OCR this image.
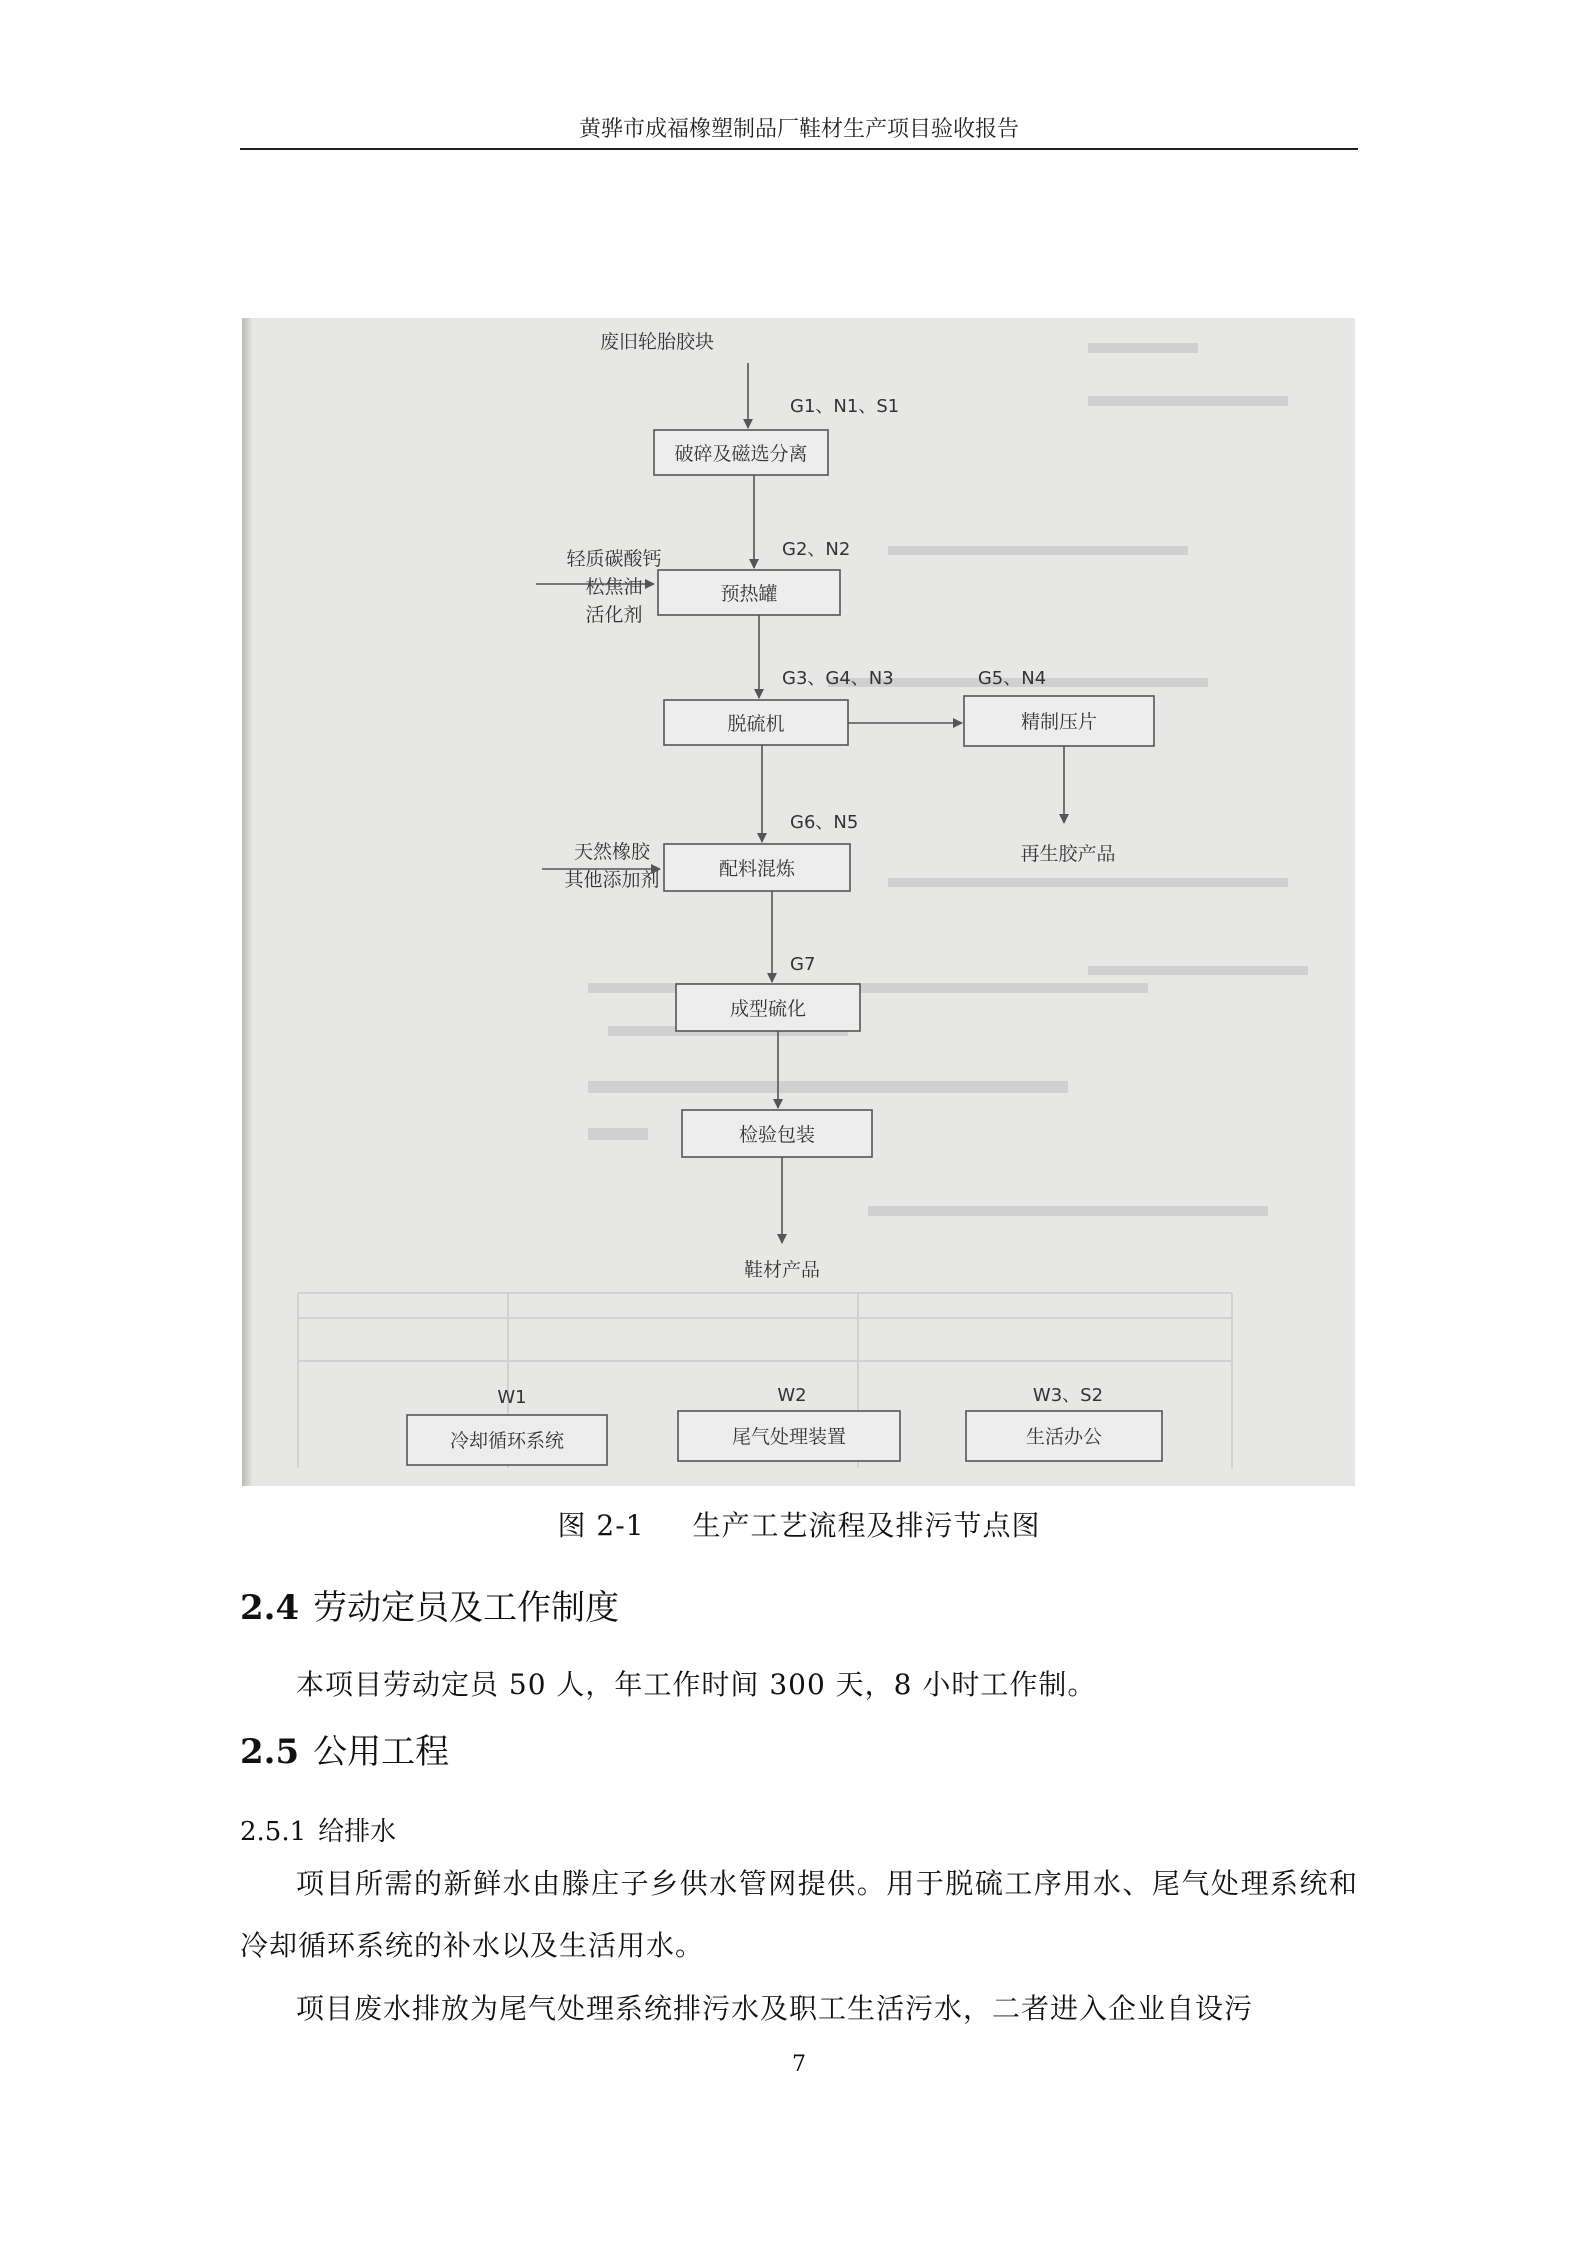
黄骅市成福橡塑制品厂鞋材生产项目验收报告
废旧轮胎胶块
G1、N1、S1
破碎及磁选分离
G2、N2
轻质碳酸钙
松焦油
活化剂
预热罐
G3、G4、N3
脱硫机
G5、N4
精制压片
再生胶产品
G6、N5
天然橡胶
其他添加剂	配料混炼
G7
成型硫化
检验包装
鞋材产品
W1
冷却循环系统
W2
尾气处理装置
W3、S2
生活办公
图 2-1 生产工艺流程及排污节点图
2.4 劳动定员及工作制度
本项目劳动定员 50 人，年工作时间 300 天，8 小时工作制。
2.5 公用工程
2.5.1 给排水
项目所需的新鲜水由滕庄子乡供水管网提供。用于脱硫工序用水、尾气处理系统和冷却循环系统的补水以及生活用水。
项目废水排放为尾气处理系统排污水及职工生活污水，二者进入企业自设污
7
